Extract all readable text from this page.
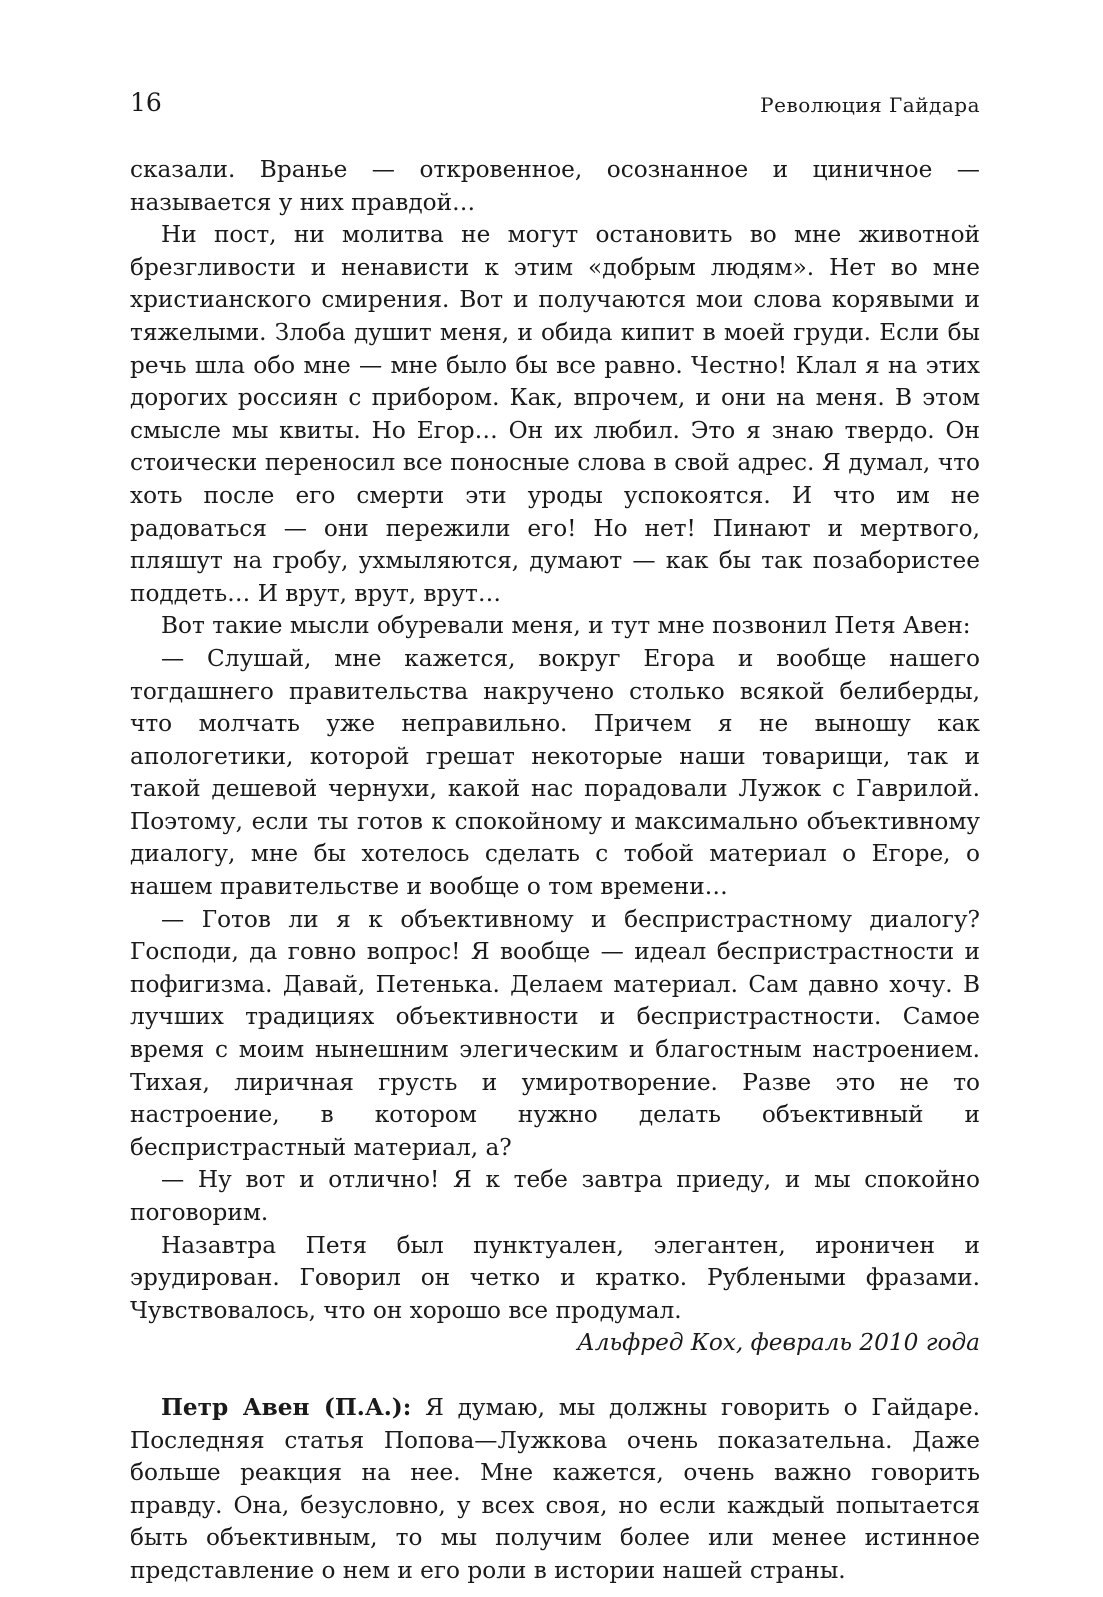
16	Революция Гайдара

сказали. Вранье — откровенное, осознанное и циничное — называется у них правдой…

Ни пост, ни молитва не могут остановить во мне животной брезгливости и ненависти к этим «добрым людям». Нет во мне христианского смирения. Вот и получаются мои слова корявыми и тяжелыми. Злоба душит меня, и обида кипит в моей груди. Если бы речь шла обо мне — мне было бы все равно. Честно! Клал я на этих дорогих россиян с прибором. Как, впрочем, и они на меня. В этом смысле мы квиты. Но Егор… Он их любил. Это я знаю твердо. Он стоически переносил все поносные слова в свой адрес. Я думал, что хоть после его смерти эти уроды успокоятся. И что им не радоваться — они пережили его! Но нет! Пинают и мертвого, пляшут на гробу, ухмыляются, думают — как бы так позабористее поддеть… И врут, врут, врут…

Вот такие мысли обуревали меня, и тут мне позвонил Петя Авен:

— Слушай, мне кажется, вокруг Егора и вообще нашего тогдашнего правительства накручено столько всякой белиберды, что молчать уже неправильно. Причем я не выношу как апологетики, которой грешат некоторые наши товарищи, так и такой дешевой чернухи, какой нас порадовали Лужок с Гаврилой. Поэтому, если ты готов к спокойному и максимально объективному диалогу, мне бы хотелось сделать с тобой материал о Егоре, о нашем правительстве и вообще о том времени…

— Готов ли я к объективному и беспристрастному диалогу? Господи, да говно вопрос! Я вообще — идеал беспристрастности и пофигизма. Давай, Петенька. Делаем материал. Сам давно хочу. В лучших традициях объективности и беспристрастности. Самое время с моим нынешним элегическим и благостным настроением. Тихая, лиричная грусть и умиротворение. Разве это не то настроение, в котором нужно делать объективный и беспристрастный материал, а?

— Ну вот и отлично! Я к тебе завтра приеду, и мы спокойно поговорим.

Назавтра Петя был пунктуален, элегантен, ироничен и эрудирован. Говорил он четко и кратко. Рублеными фразами. Чувствовалось, что он хорошо все продумал.

Альфред Кох, февраль 2010 года

Петр Авен (П.А.): Я думаю, мы должны говорить о Гайдаре. Последняя статья Попова—Лужкова очень показательна. Даже больше реакция на нее. Мне кажется, очень важно говорить правду. Она, безусловно, у всех своя, но если каждый попытается быть объективным, то мы получим более или менее истинное представление о нем и его роли в истории нашей страны.
